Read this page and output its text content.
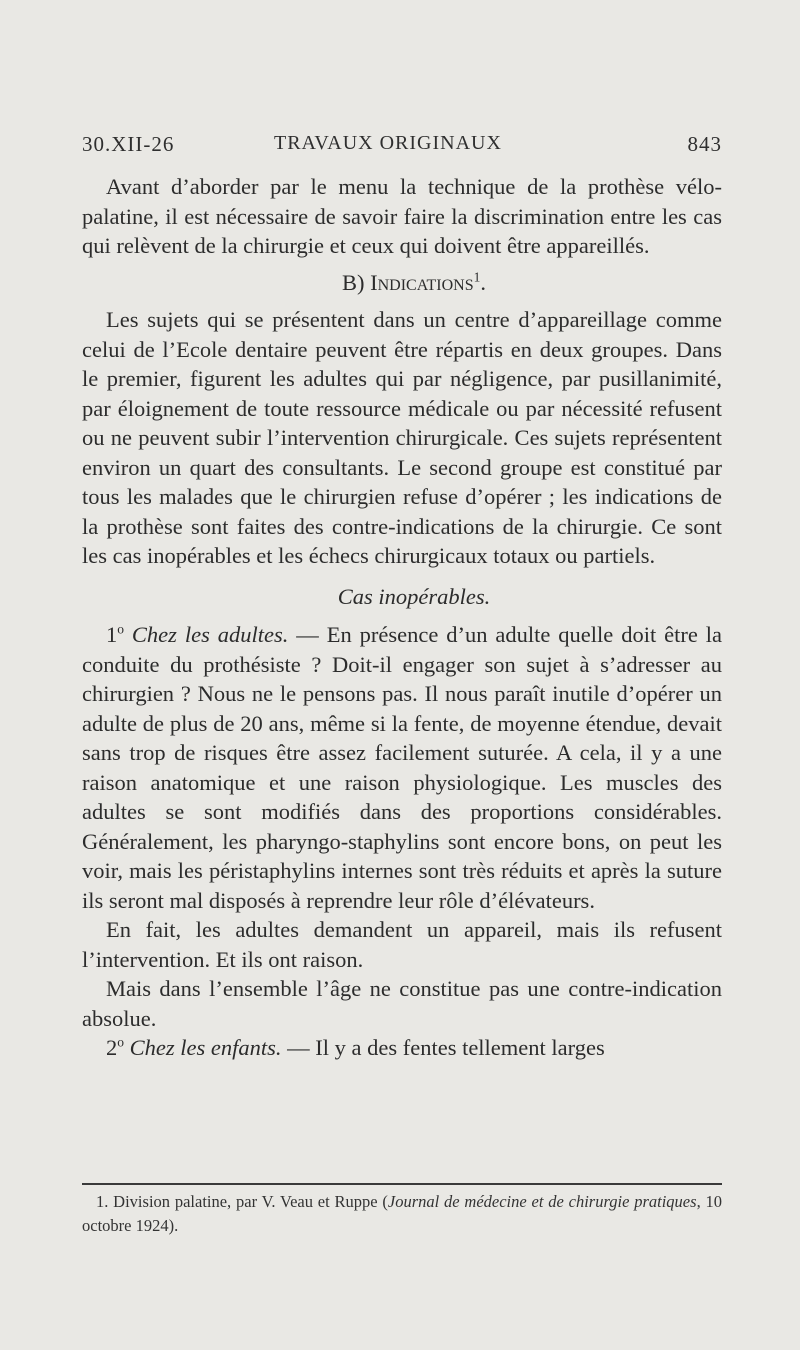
30.XII-26	TRAVAUX ORIGINAUX	843

Avant d’aborder par le menu la technique de la prothèse vélo-palatine, il est nécessaire de savoir faire la discrimination entre les cas qui relèvent de la chirurgie et ceux qui doivent être appareillés.

B) Indications$^1$.

Les sujets qui se présentent dans un centre d’appareillage comme celui de l’Ecole dentaire peuvent être répartis en deux groupes. Dans le premier, figurent les adultes qui par négligence, par pusillanimité, par éloignement de toute ressource médicale ou par nécessité refusent ou ne peuvent subir l’intervention chirurgicale. Ces sujets représentent environ un quart des consultants. Le second groupe est constitué par tous les malades que le chirurgien refuse d’opérer ; les indications de la prothèse sont faites des contre-indications de la chirurgie. Ce sont les cas inopérables et les échecs chirurgicaux totaux ou partiels.

Cas inopérables.

1$^o$ Chez les adultes. — En présence d’un adulte quelle doit être la conduite du prothésiste ? Doit-il engager son sujet à s’adresser au chirurgien ? Nous ne le pensons pas. Il nous paraît inutile d’opérer un adulte de plus de 20 ans, même si la fente, de moyenne étendue, devait sans trop de risques être assez facilement suturée. A cela, il y a une raison anatomique et une raison physiologique. Les muscles des adultes se sont modifiés dans des proportions considérables. Généralement, les pharyngo-staphylins sont encore bons, on peut les voir, mais les péristaphylins internes sont très réduits et après la suture ils seront mal disposés à reprendre leur rôle d’élévateurs.

En fait, les adultes demandent un appareil, mais ils refusent l’intervention. Et ils ont raison.

Mais dans l’ensemble l’âge ne constitue pas une contre-indication absolue.

2$^o$ Chez les enfants. — Il y a des fentes tellement larges

1. Division palatine, par V. Veau et Ruppe (Journal de médecine et de chirurgie pratiques, 10 octobre 1924).
